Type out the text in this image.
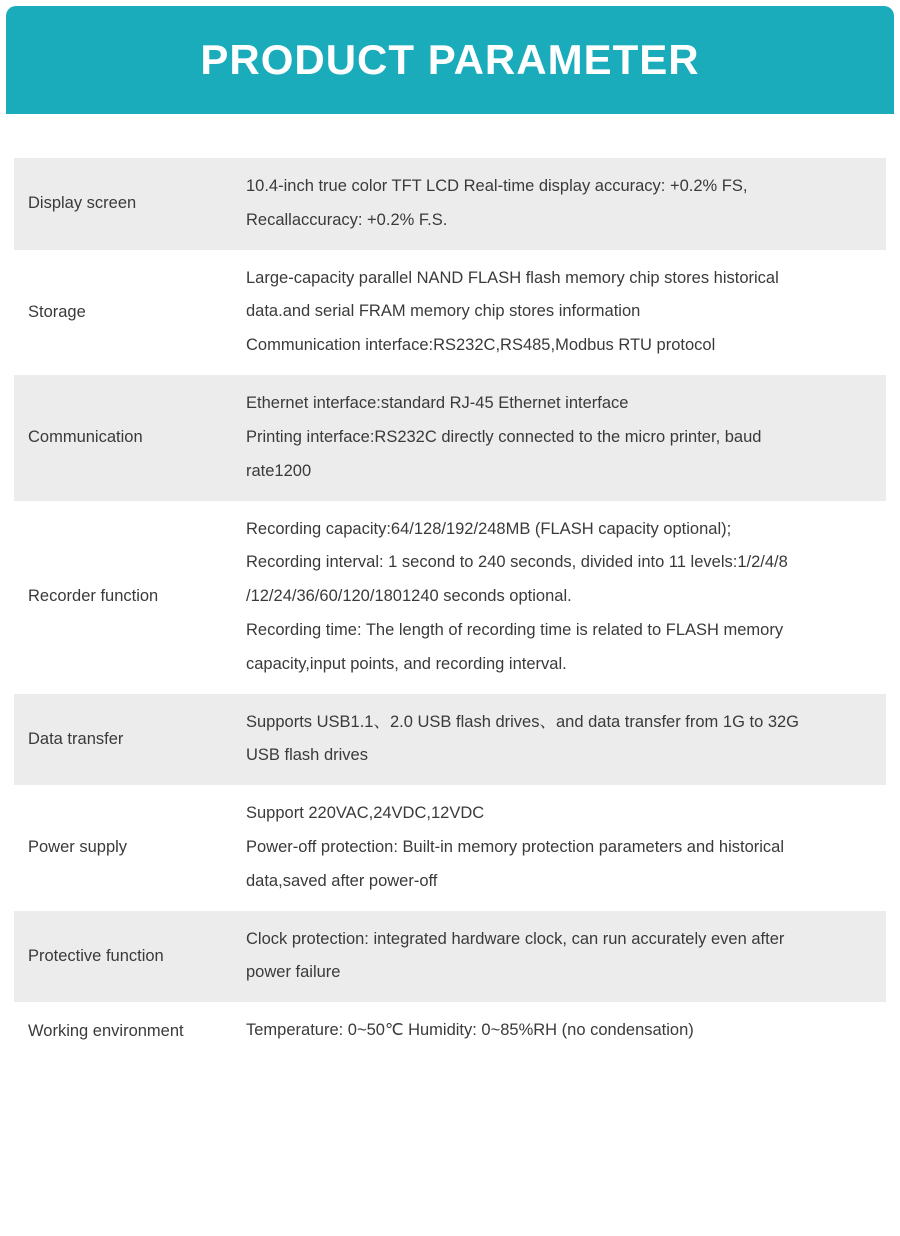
PRODUCT PARAMETER
Display screen	10.4-inch true color TFT LCD Real-time display accuracy: +0.2% FS,
Recallaccuracy: +0.2% F.S.

Storage	Large-capacity parallel NAND FLASH flash memory chip stores historical
data.and serial FRAM memory chip stores information
Communication interface:RS232C,RS485,Modbus RTU protocol

Communication	Ethernet interface:standard RJ-45 Ethernet interface
Printing interface:RS232C directly connected to the micro printer, baud
rate1200

Recorder function	Recording capacity:64/128/192/248MB (FLASH capacity optional);
Recording interval: 1 second to 240 seconds, divided into 11 levels:1/2/4/8
/12/24/36/60/120/1801240 seconds optional.
Recording time: The length of recording time is related to FLASH memory
capacity,input points, and recording interval.

Data transfer	Supports USB1.1、2.0 USB flash drives、and data transfer from 1G to 32G
USB flash drives

Power supply	Support 220VAC,24VDC,12VDC
Power-off protection: Built-in memory protection parameters and historical
data,saved after power-off

Protective function	Clock protection: integrated hardware clock, can run accurately even after
power failure

Working environment	Temperature: 0~50℃ Humidity: 0~85%RH (no condensation)
